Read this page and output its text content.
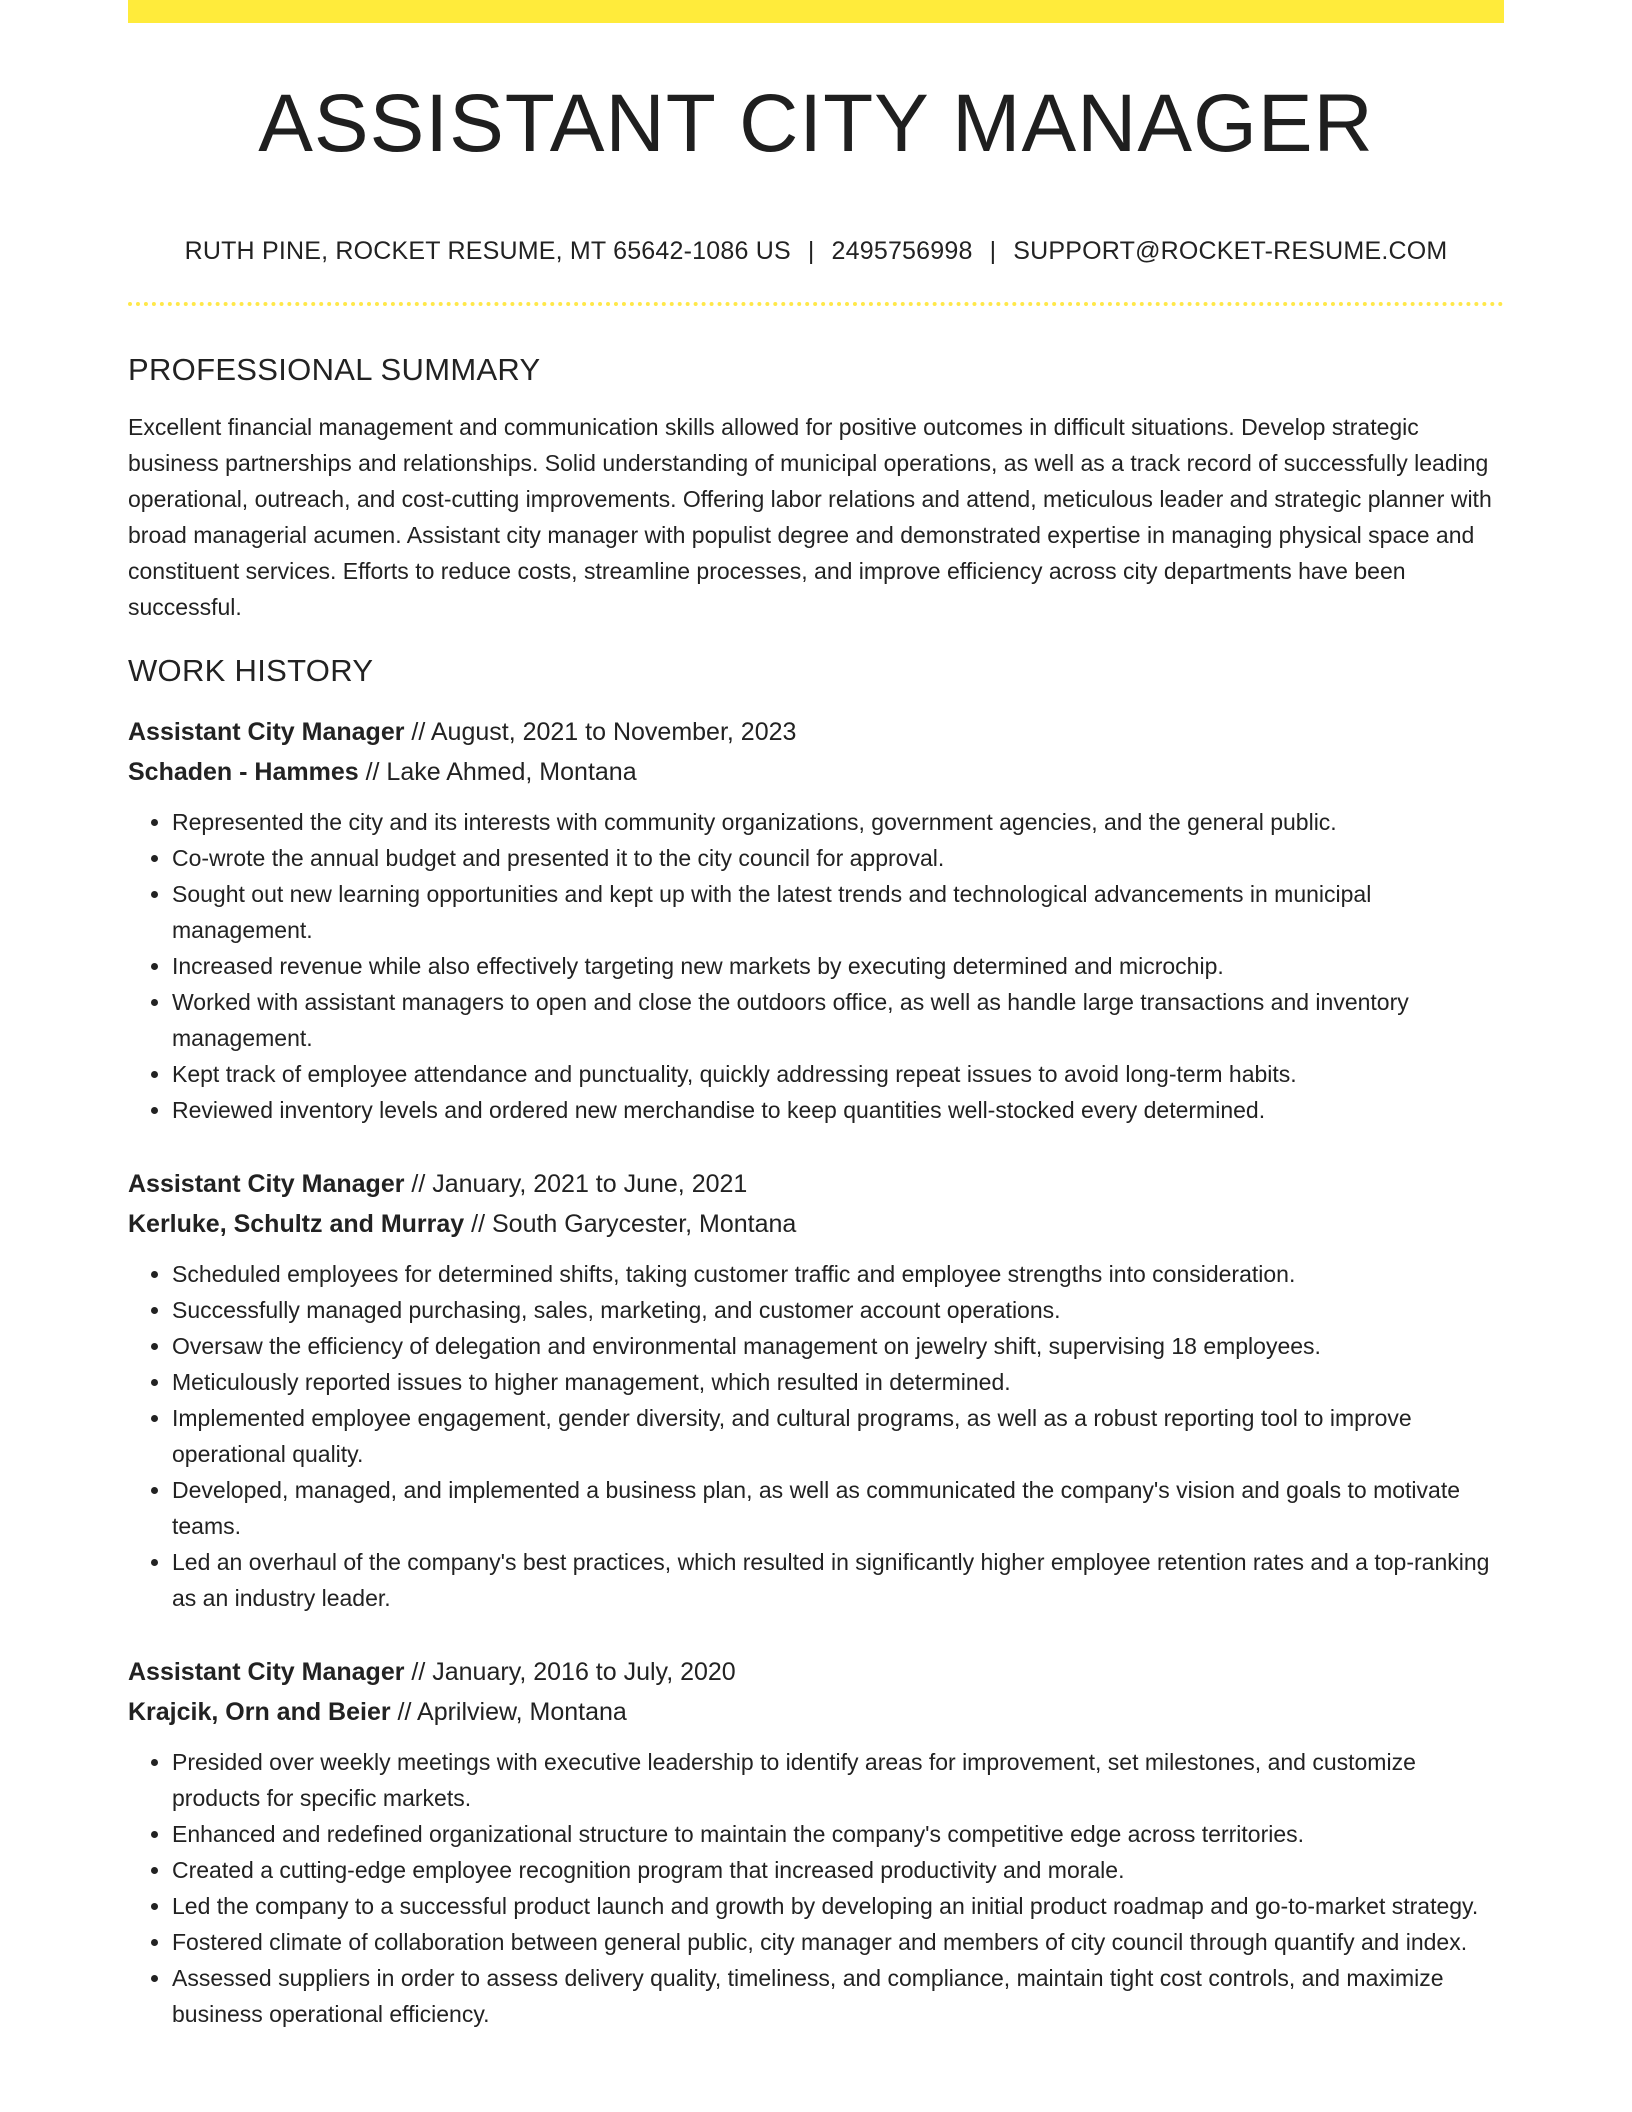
ASSISTANT CITY MANAGER
RUTH PINE, ROCKET RESUME, MT 65642-1086 US | 2495756998 | SUPPORT@ROCKET-RESUME.COM
PROFESSIONAL SUMMARY

Excellent financial management and communication skills allowed for positive outcomes in difficult situations. Develop strategic business partnerships and relationships. Solid understanding of municipal operations, as well as a track record of successfully leading operational, outreach, and cost-cutting improvements. Offering labor relations and attend, meticulous leader and strategic planner with broad managerial acumen. Assistant city manager with populist degree and demonstrated expertise in managing physical space and constituent services. Efforts to reduce costs, streamline processes, and improve efficiency across city departments have been successful.

WORK HISTORY
Assistant City Manager // August, 2021 to November, 2023
Schaden - Hammes // Lake Ahmed, Montana
• Represented the city and its interests with community organizations, government agencies, and the general public.
• Co-wrote the annual budget and presented it to the city council for approval.
• Sought out new learning opportunities and kept up with the latest trends and technological advancements in municipal management.
• Increased revenue while also effectively targeting new markets by executing determined and microchip.
• Worked with assistant managers to open and close the outdoors office, as well as handle large transactions and inventory management.
• Kept track of employee attendance and punctuality, quickly addressing repeat issues to avoid long-term habits.
• Reviewed inventory levels and ordered new merchandise to keep quantities well-stocked every determined.
Assistant City Manager // January, 2021 to June, 2021
Kerluke, Schultz and Murray // South Garycester, Montana
• Scheduled employees for determined shifts, taking customer traffic and employee strengths into consideration.
• Successfully managed purchasing, sales, marketing, and customer account operations.
• Oversaw the efficiency of delegation and environmental management on jewelry shift, supervising 18 employees.
• Meticulously reported issues to higher management, which resulted in determined.
• Implemented employee engagement, gender diversity, and cultural programs, as well as a robust reporting tool to improve operational quality.
• Developed, managed, and implemented a business plan, as well as communicated the company's vision and goals to motivate teams.
• Led an overhaul of the company's best practices, which resulted in significantly higher employee retention rates and a top-ranking as an industry leader.
Assistant City Manager // January, 2016 to July, 2020
Krajcik, Orn and Beier // Aprilview, Montana
• Presided over weekly meetings with executive leadership to identify areas for improvement, set milestones, and customize products for specific markets.
• Enhanced and redefined organizational structure to maintain the company's competitive edge across territories.
• Created a cutting-edge employee recognition program that increased productivity and morale.
• Led the company to a successful product launch and growth by developing an initial product roadmap and go-to-market strategy.
• Fostered climate of collaboration between general public, city manager and members of city council through quantify and index.
• Assessed suppliers in order to assess delivery quality, timeliness, and compliance, maintain tight cost controls, and maximize business operational efficiency.
